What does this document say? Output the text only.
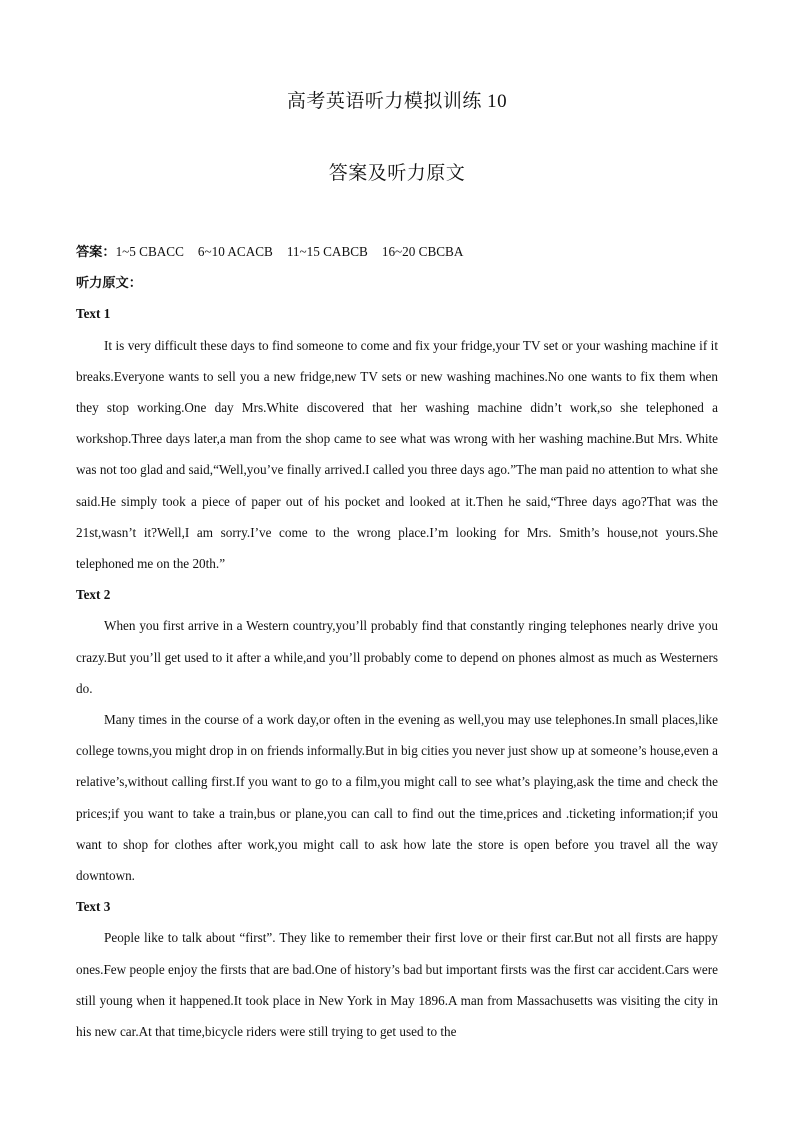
高考英语听力模拟训练 10
答案及听力原文

答案：1~5 CBACC 6~10 ACACB 11~15 CABCB 16~20 CBCBA

听力原文：

Text 1

It is very difficult these days to find someone to come and fix your fridge,your TV set or your washing machine if it breaks.Everyone wants to sell you a new fridge,new TV sets or new washing machines.No one wants to fix them when they stop working.One day Mrs.White discovered that her washing machine didn’t work,so she telephoned a workshop.Three days later,a man from the shop came to see what was wrong with her washing machine.But Mrs. White was not too glad and said,“Well,you’ve finally arrived.I called you three days ago.”The man paid no attention to what she said.He simply took a piece of paper out of his pocket and looked at it.Then he said,“Three days ago?That was the 21st,wasn’t it?Well,I am sorry.I’ve come to the wrong place.I’m looking for Mrs. Smith’s house,not yours.She telephoned me on the 20th.”

Text 2

When you first arrive in a Western country,you’ll probably find that constantly ringing telephones nearly drive you crazy.But you’ll get used to it after a while,and you’ll probably come to depend on phones almost as much as Westerners do.

Many times in the course of a work day,or often in the evening as well,you may use telephones.In small places,like college towns,you might drop in on friends informally.But in big cities you never just show up at someone’s house,even a relative’s,without calling first.If you want to go to a film,you might call to see what’s playing,ask the time and check the prices;if you want to take a train,bus or plane,you can call to find out the time,prices and .ticketing information;if you want to shop for clothes after work,you might call to ask how late the store is open before you travel all the way downtown.

Text 3

People like to talk about “first”. They like to remember their first love or their first car.But not all firsts are happy ones.Few people enjoy the firsts that are bad.One of history’s bad but important firsts was the first car accident.Cars were still young when it happened.It took place in New York in May 1896.A man from Massachusetts was visiting the city in his new car.At that time,bicycle riders were still trying to get used to the
